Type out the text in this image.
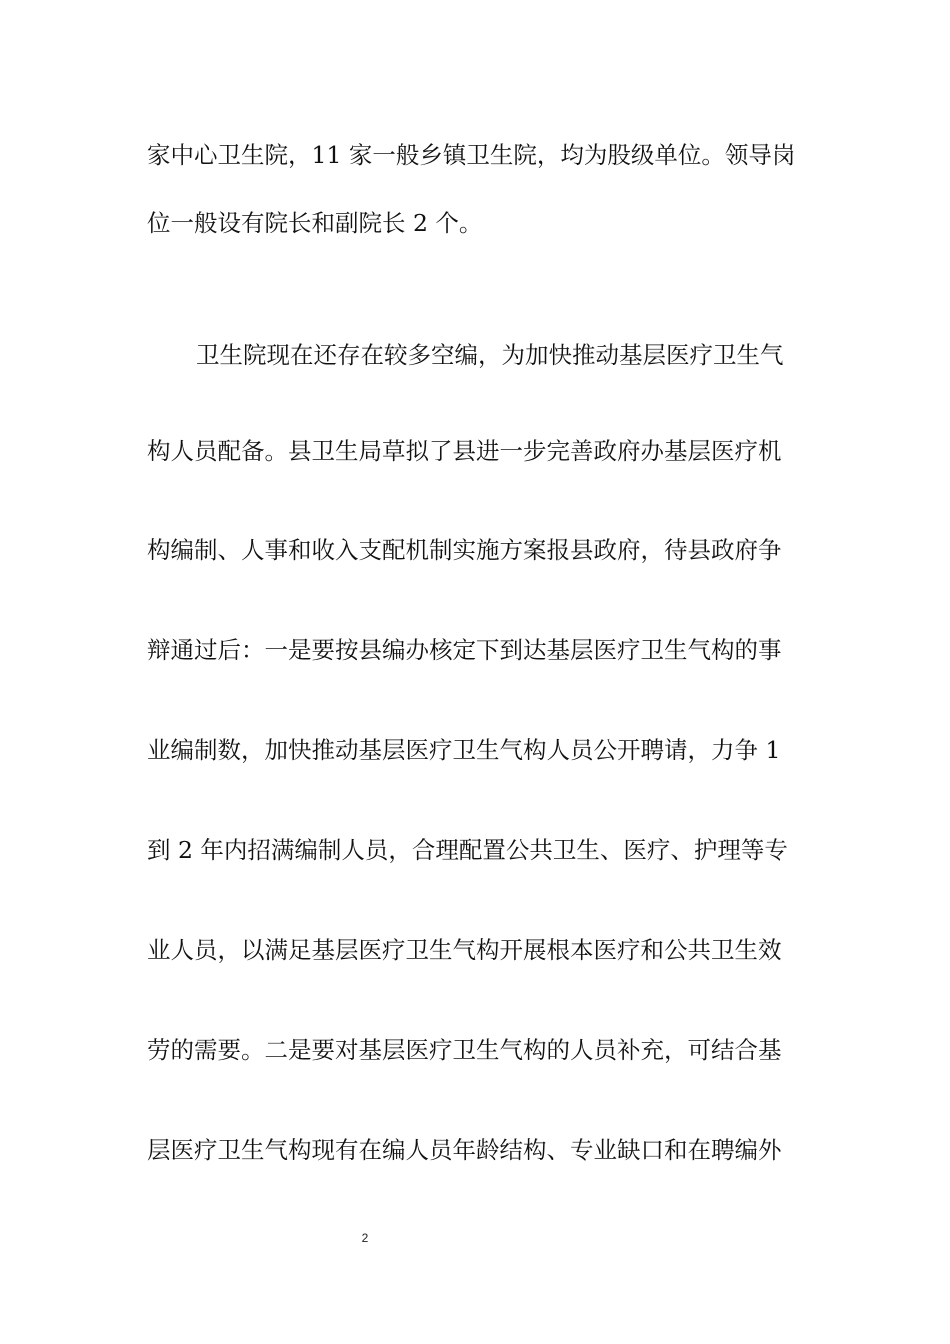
家中心卫生院，11 家一般乡镇卫生院，均为股级单位。领导岗
位一般设有院长和副院长 2 个。
卫生院现在还存在较多空编，为加快推动基层医疗卫生气
构人员配备。县卫生局草拟了县进一步完善政府办基层医疗机
构编制、人事和收入支配机制实施方案报县政府，待县政府争
辩通过后：一是要按县编办核定下到达基层医疗卫生气构的事
业编制数，加快推动基层医疗卫生气构人员公开聘请，力争 1
到 2 年内招满编制人员，合理配置公共卫生、医疗、护理等专
业人员，以满足基层医疗卫生气构开展根本医疗和公共卫生效
劳的需要。二是要对基层医疗卫生气构的人员补充，可结合基
层医疗卫生气构现有在编人员年龄结构、专业缺口和在聘编外
2
